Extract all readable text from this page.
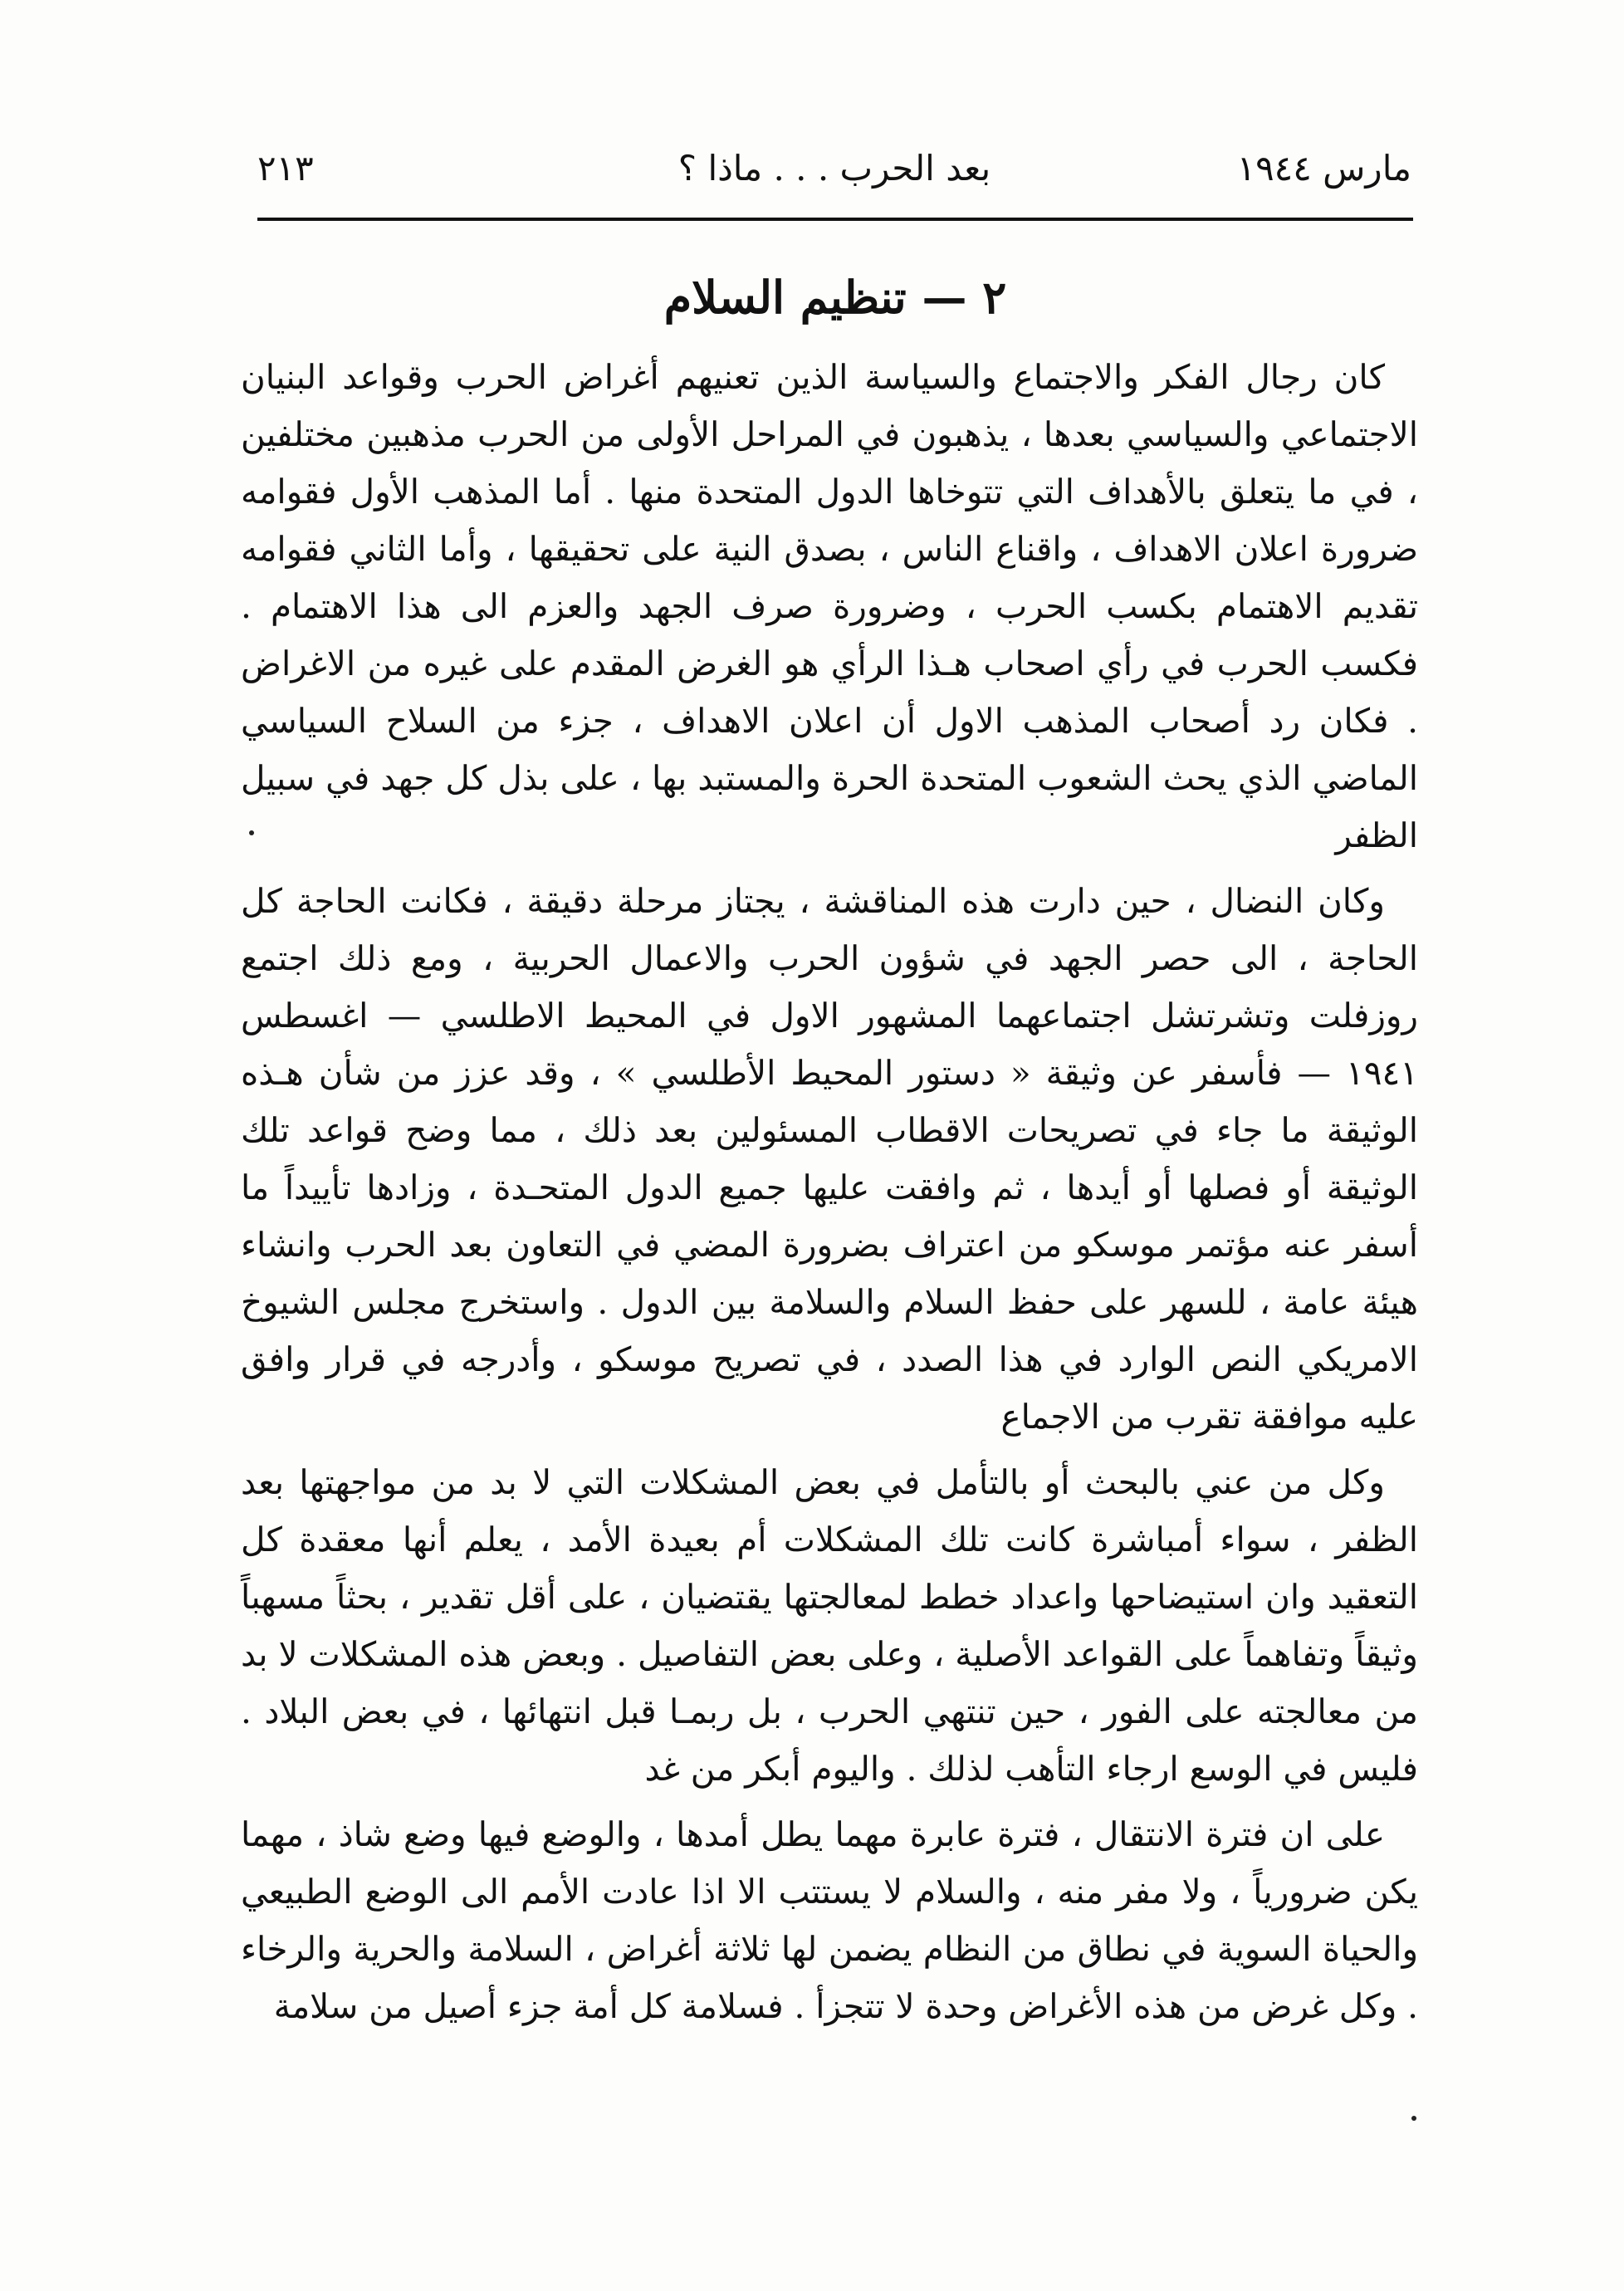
مارس ١٩٤٤
بعد الحرب . . . ماذا ؟
٢١٣
٢ — تنظيم السلام

كان رجال الفكر والاجتماع والسياسة الذين تعنيهم أغراض الحرب وقواعد البنيان الاجتماعي والسياسي بعدها ، يذهبون في المراحل الأولى من الحرب مذهبين مختلفين ، في ما يتعلق بالأهداف التي تتوخاها الدول المتحدة منها . أما المذهب الأول فقوامه ضرورة اعلان الاهداف ، واقناع الناس ، بصدق النية على تحقيقها ، وأما الثاني فقوامه تقديم الاهتمام بكسب الحرب ، وضرورة صرف الجهد والعزم الى هذا الاهتمام . فكسب الحرب في رأي اصحاب هـذا الرأي هو الغرض المقدم على غيره من الاغراض . فكان رد أصحاب المذهب الاول أن اعلان الاهداف ، جزء من السلاح السياسي الماضي الذي يحث الشعوب المتحدة الحرة والمستبد بها ، على بذل كل جهد في سبيل الظفر

وكان النضال ، حين دارت هذه المناقشة ، يجتاز مرحلة دقيقة ، فكانت الحاجة كل الحاجة ، الى حصر الجهد في شؤون الحرب والاعمال الحربية ، ومع ذلك اجتمع روزفلت وتشرتشل اجتماعهما المشهور الاول في المحيط الاطلسي — اغسطس ١٩٤١ — فأسفر عن وثيقة « دستور المحيط الأطلسي » ، وقد عزز من شأن هـذه الوثيقة ما جاء في تصريحات الاقطاب المسئولين بعد ذلك ، مما وضح قواعد تلك الوثيقة أو فصلها أو أيدها ، ثم وافقت عليها جميع الدول المتحـدة ، وزادها تأييداً ما أسفر عنه مؤتمر موسكو من اعتراف بضرورة المضي في التعاون بعد الحرب وانشاء هيئة عامة ، للسهر على حفظ السلام والسلامة بين الدول . واستخرج مجلس الشيوخ الامريكي النص الوارد في هذا الصدد ، في تصريح موسكو ، وأدرجه في قرار وافق عليه موافقة تقرب من الاجماع

وكل من عني بالبحث أو بالتأمل في بعض المشكلات التي لا بد من مواجهتها بعد الظفر ، سواء أمباشرة كانت تلك المشكلات أم بعيدة الأمد ، يعلم أنها معقدة كل التعقيد وان استيضاحها واعداد خطط لمعالجتها يقتضيان ، على أقل تقدير ، بحثاً مسهباً وثيقاً وتفاهماً على القواعد الأصلية ، وعلى بعض التفاصيل . وبعض هذه المشكلات لا بد من معالجته على الفور ، حين تنتهي الحرب ، بل ربمـا قبل انتهائها ، في بعض البلاد . فليس في الوسع ارجاء التأهب لذلك . واليوم أبكر من غد

على ان فترة الانتقال ، فترة عابرة مهما يطل أمدها ، والوضع فيها وضع شاذ ، مهما يكن ضرورياً ، ولا مفر منه ، والسلام لا يستتب الا اذا عادت الأمم الى الوضع الطبيعي والحياة السوية في نطاق من النظام يضمن لها ثلاثة أغراض ، السلامة والحرية والرخاء . وكل غرض من هذه الأغراض وحدة لا تتجزأ . فسلامة كل أمة جزء أصيل من سلامة
